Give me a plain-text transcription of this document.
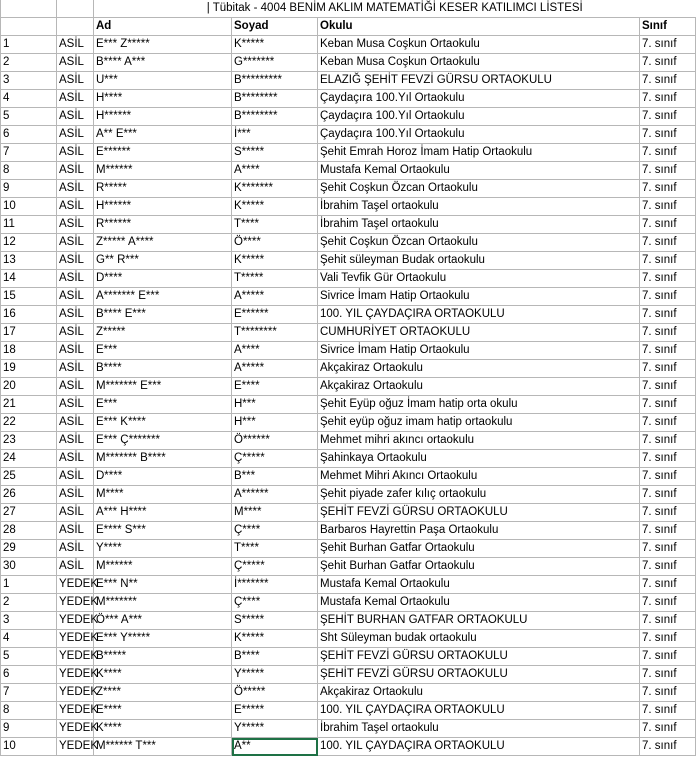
		| Tübitak - 4004 BENİM AKLIM MATEMATİĞİ KESER KATILIMCI LİSTESİ			
		Ad	Soyad	Okulu	Sınıf
1	ASİL	E*** Z*****	K*****	Keban Musa Coşkun Ortaokulu	7. sınıf
2	ASİL	B**** A***	G*******	Keban Musa Coşkun Ortaokulu	7. sınıf
3	ASİL	U***	B*********	ELAZIĞ ŞEHİT FEVZİ GÜRSU ORTAOKULU	7. sınıf
4	ASİL	H****	B********	Çaydaçıra 100.Yıl Ortaokulu	7. sınıf
5	ASİL	H******	B********	Çaydaçıra 100.Yıl Ortaokulu	7. sınıf
6	ASİL	A** E***	İ***	Çaydaçıra 100.Yıl Ortaokulu	7. sınıf
7	ASİL	E******	S*****	Şehit Emrah Horoz İmam Hatip Ortaokulu	7. sınıf
8	ASİL	M******	A****	Mustafa Kemal Ortaokulu	7. sınıf
9	ASİL	R*****	K*******	Şehit Coşkun Özcan Ortaokulu	7. sınıf
10	ASİL	H******	K*****	İbrahim Taşel ortaokulu	7. sınıf
11	ASİL	R******	T****	İbrahim Taşel ortaokulu	7. sınıf
12	ASİL	Z***** A****	Ö****	Şehit Coşkun Özcan Ortaokulu	7. sınıf
13	ASİL	G** R***	K*****	Şehit süleyman Budak ortaokulu	7. sınıf
14	ASİL	D****	T*****	Vali Tevfik Gür Ortaokulu	7. sınıf
15	ASİL	A******* E***	A*****	Sivrice İmam Hatip Ortaokulu	7. sınıf
16	ASİL	B**** E***	E******	100. YIL ÇAYDAÇIRA ORTAOKULU	7. sınıf
17	ASİL	Z*****	T********	CUMHURİYET ORTAOKULU	7. sınıf
18	ASİL	E***	A****	Sivrice İmam Hatip Ortaokulu	7. sınıf
19	ASİL	B****	A*****	Akçakiraz Ortaokulu	7. sınıf
20	ASİL	M******* E***	E****	Akçakiraz Ortaokulu	7. sınıf
21	ASİL	E***	H***	Şehit Eyüp oğuz İmam hatip orta okulu	7. sınıf
22	ASİL	E*** K****	H***	Şehit eyüp oğuz imam hatip ortaokulu	7. sınıf
23	ASİL	E*** Ç*******	Ö******	Mehmet mihri akıncı ortaokulu	7. sınıf
24	ASİL	M******* B****	Ç*****	Şahinkaya Ortaokulu	7. sınıf
25	ASİL	D****	B***	Mehmet Mihri Akıncı Ortaokulu	7. sınıf
26	ASİL	M****	A******	Şehit piyade zafer kılıç ortaokulu	7. sınıf
27	ASİL	A*** H****	M****	ŞEHİT FEVZİ GÜRSU ORTAOKULU	7. sınıf
28	ASİL	E**** S***	Ç****	Barbaros Hayrettin Paşa Ortaokulu	7. sınıf
29	ASİL	Y****	T****	Şehit Burhan Gatfar Ortaokulu	7. sınıf
30	ASİL	M******	Ç*****	Şehit Burhan Gatfar Ortaokulu	7. sınıf
1	YEDEK	E*** N**	İ*******	Mustafa Kemal Ortaokulu	7. sınıf
2	YEDEK	M*******	Ç****	Mustafa Kemal Ortaokulu	7. sınıf
3	YEDEK	Ö*** A***	S*****	ŞEHİT BURHAN GATFAR ORTAOKULU	7. sınıf
4	YEDEK	E*** Y*****	K*****	Sht Süleyman budak ortaokulu	7. sınıf
5	YEDEK	B*****	B****	ŞEHİT FEVZİ GÜRSU ORTAOKULU	7. sınıf
6	YEDEK	K****	Y*****	ŞEHİT FEVZİ GÜRSU ORTAOKULU	7. sınıf
7	YEDEK	Z****	Ö*****	Akçakiraz Ortaokulu	7. sınıf
8	YEDEK	E****	E*****	100. YIL ÇAYDAÇIRA ORTAOKULU	7. sınıf
9	YEDEK	K****	Y*****	İbrahim Taşel ortaokulu	7. sınıf
10	YEDEK	M****** T***	A**	100. YIL ÇAYDAÇIRA ORTAOKULU	7. sınıf
